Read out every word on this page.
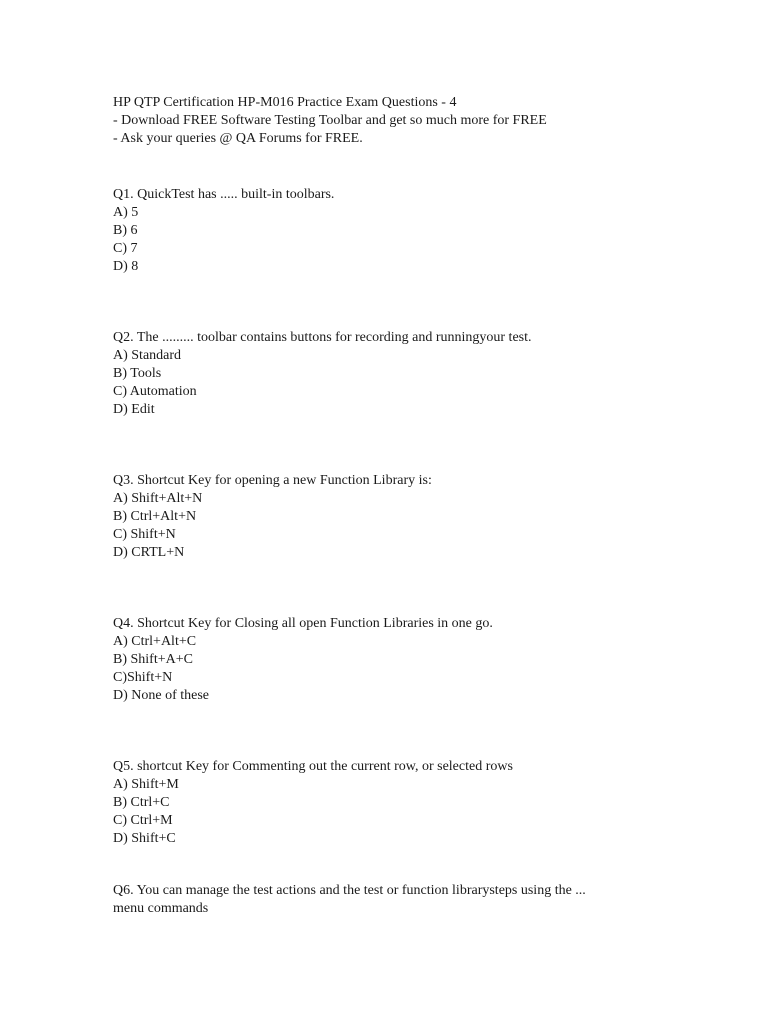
HP QTP Certification HP-M016 Practice Exam Questions - 4
- Download FREE Software Testing Toolbar and get so much more for FREE
- Ask your queries @ QA Forums for FREE.
Q1. QuickTest has ..... built-in toolbars.
A) 5
B) 6
C) 7
D) 8
Q2. The ......... toolbar contains buttons for recording and runningyour test.
A) Standard
B) Tools
C) Automation
D) Edit
Q3. Shortcut Key for opening a new Function Library is:
A) Shift+Alt+N
B) Ctrl+Alt+N
C) Shift+N
D) CRTL+N
Q4. Shortcut Key for Closing all open Function Libraries in one go.
A) Ctrl+Alt+C
B) Shift+A+C
C)Shift+N
D) None of these
Q5. shortcut Key for Commenting out the current row, or selected rows
A) Shift+M
B) Ctrl+C
C) Ctrl+M
D) Shift+C
Q6. You can manage the test actions and the test or function librarysteps using the ...
menu commands
